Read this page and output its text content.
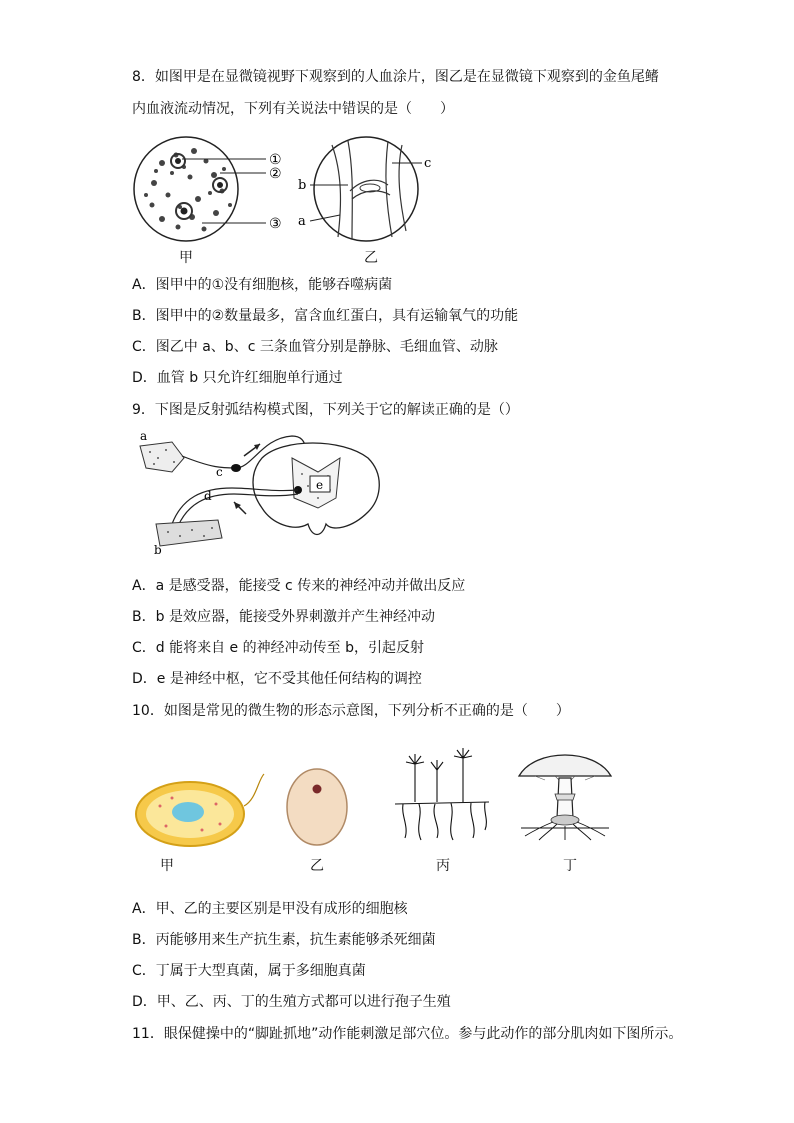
8．如图甲是在显微镜视野下观察到的人血涂片，图乙是在显微镜下观察到的金鱼尾鳍
内血液流动情况，下列有关说法中错误的是（　　）
①
②
③
b
a
c
甲	乙
A．图甲中的①没有细胞核，能够吞噬病菌
B．图甲中的②数量最多，富含血红蛋白，具有运输氧气的功能
C．图乙中 a、b、c 三条血管分别是静脉、毛细血管、动脉
D．血管 b 只允许红细胞单行通过
9．下图是反射弧结构模式图，下列关于它的解读正确的是（）
e
a
c
d
b
A．a 是感受器，能接受 c 传来的神经冲动并做出反应
B．b 是效应器，能接受外界刺激并产生神经冲动
C．d 能将来自 e 的神经冲动传至 b，引起反射
D．e 是神经中枢，它不受其他任何结构的调控
10．如图是常见的微生物的形态示意图，下列分析不正确的是（　　）
甲	乙	丙	丁
A．甲、乙的主要区别是甲没有成形的细胞核
B．丙能够用来生产抗生素，抗生素能够杀死细菌
C．丁属于大型真菌，属于多细胞真菌
D．甲、乙、丙、丁的生殖方式都可以进行孢子生殖
11．眼保健操中的“脚趾抓地”动作能刺激足部穴位。参与此动作的部分肌肉如下图所示。
